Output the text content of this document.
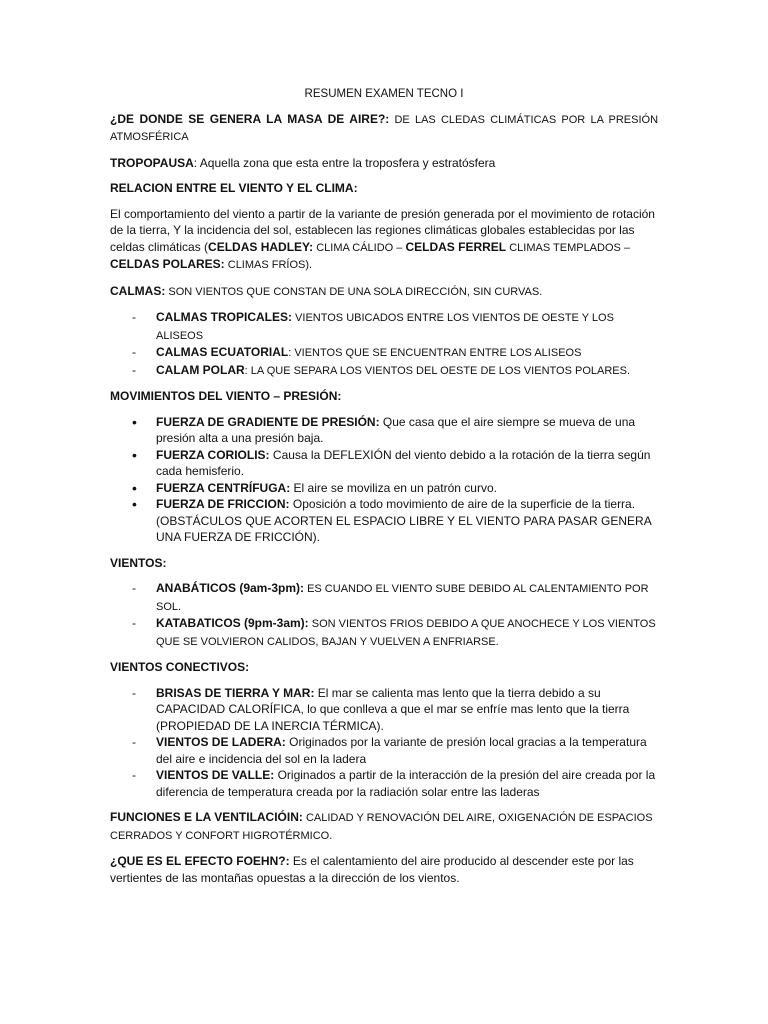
RESUMEN EXAMEN TECNO I

¿DE DONDE SE GENERA LA MASA DE AIRE?: DE LAS CLEDAS CLIMÁTICAS POR LA PRESIÓN ATMOSFÉRICA

TROPOPAUSA: Aquella zona que esta entre la troposfera y estratósfera

RELACION ENTRE EL VIENTO Y EL CLIMA:

El comportamiento del viento a partir de la variante de presión generada por el movimiento de rotación de la tierra, Y la incidencia del sol, establecen las regiones climáticas globales establecidas por las celdas climáticas (CELDAS HADLEY: CLIMA CÁLIDO – CELDAS FERREL CLIMAS TEMPLADOS – CELDAS POLARES: CLIMAS FRÍOS).

CALMAS: SON VIENTOS QUE CONSTAN DE UNA SOLA DIRECCIÓN, SIN CURVAS.

-	CALMAS TROPICALES: VIENTOS UBICADOS ENTRE LOS VIENTOS DE OESTE Y LOS ALISEOS
-	CALMAS ECUATORIAL: VIENTOS QUE SE ENCUENTRAN ENTRE LOS ALISEOS
-	CALAM POLAR: LA QUE SEPARA LOS VIENTOS DEL OESTE DE LOS VIENTOS POLARES.

MOVIMIENTOS DEL VIENTO – PRESIÓN:

•	FUERZA DE GRADIENTE DE PRESIÓN: Que casa que el aire siempre se mueva de una presión alta a una presión baja.
•	FUERZA CORIOLIS: Causa la DEFLEXIÓN del viento debido a la rotación de la tierra según cada hemisferio.
•	FUERZA CENTRÍFUGA: El aire se moviliza en un patrón curvo.
•	FUERZA DE FRICCION: Oposición a todo movimiento de aire de la superficie de la tierra. (OBSTÁCULOS QUE ACORTEN EL ESPACIO LIBRE Y EL VIENTO PARA PASAR GENERA UNA FUERZA DE FRICCIÓN).

VIENTOS:

-	ANABÁTICOS (9am-3pm): ES CUANDO EL VIENTO SUBE DEBIDO AL CALENTAMIENTO POR SOL.
-	KATABATICOS (9pm-3am): SON VIENTOS FRIOS DEBIDO A QUE ANOCHECE Y LOS VIENTOS QUE SE VOLVIERON CALIDOS, BAJAN Y VUELVEN A ENFRIARSE.

VIENTOS CONECTIVOS:

-	BRISAS DE TIERRA Y MAR: El mar se calienta mas lento que la tierra debido a su CAPACIDAD CALORÍFICA, lo que conlleva a que el mar se enfríe mas lento que la tierra (PROPIEDAD DE LA INERCIA TÉRMICA).
-	VIENTOS DE LADERA: Originados por la variante de presión local gracias a la temperatura del aire e incidencia del sol en la ladera
-	VIENTOS DE VALLE: Originados a partir de la interacción de la presión del aire creada por la diferencia de temperatura creada por la radiación solar entre las laderas

FUNCIONES E LA VENTILACIÓIN: CALIDAD Y RENOVACIÓN DEL AIRE, OXIGENACIÓN DE ESPACIOS CERRADOS Y CONFORT HIGROTÉRMICO.

¿QUE ES EL EFECTO FOEHN?: Es el calentamiento del aire producido al descender este por las vertientes de las montañas opuestas a la dirección de los vientos.
